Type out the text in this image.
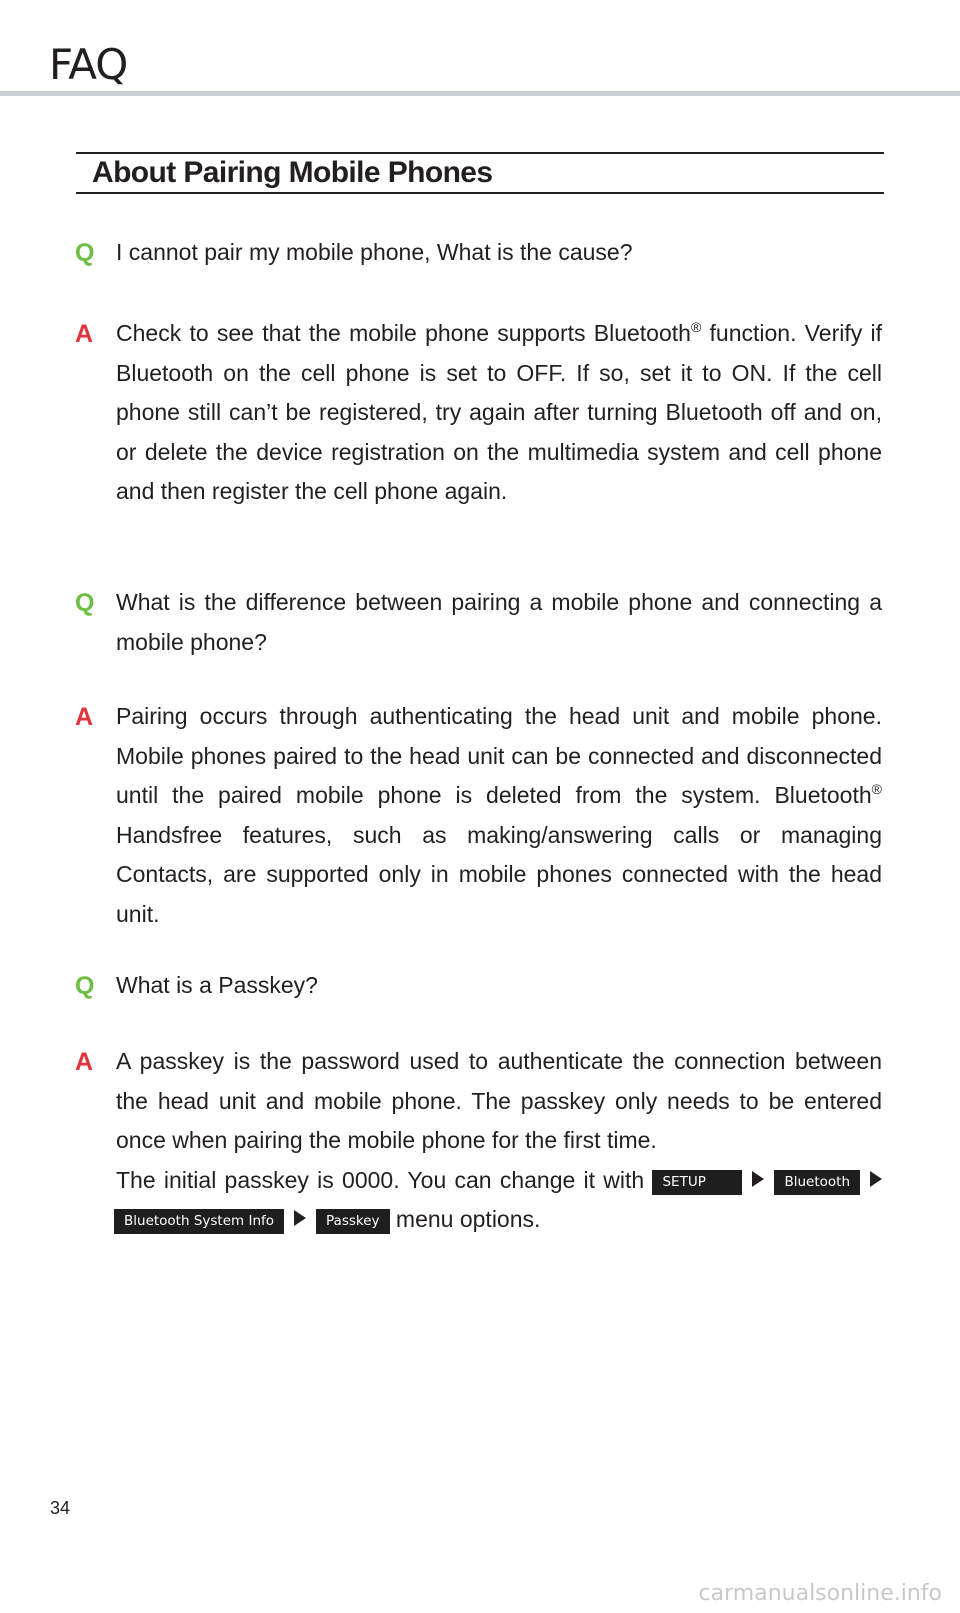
FAQ
About Pairing Mobile Phones
Q I cannot pair my mobile phone, What is the cause?
A Check to see that the mobile phone supports Bluetooth® function. Verify if Bluetooth on the cell phone is set to OFF. If so, set it to ON. If the cell phone still can’t be registered, try again after turning Bluetooth off and on, or delete the device registration on the multimedia system and cell phone and then register the cell phone again.
Q What is the difference between pairing a mobile phone and connecting a mobile phone?
A Pairing occurs through authenticating the head unit and mobile phone. Mobile phones paired to the head unit can be connected and disconnected until the paired mobile phone is deleted from the system. Bluetooth® Handsfree features, such as making/answering calls or managing Contacts, are supported only in mobile phones connected with the head unit.
Q What is a Passkey?
A A passkey is the password used to authenticate the connection between the head unit and mobile phone. The passkey only needs to be entered once when pairing the mobile phone for the first time.
The initial passkey is 0000. You can change it with SETUP	Bluetooth
Bluetooth System Info	Passkey menu options.
34
carmanualsonline.info
